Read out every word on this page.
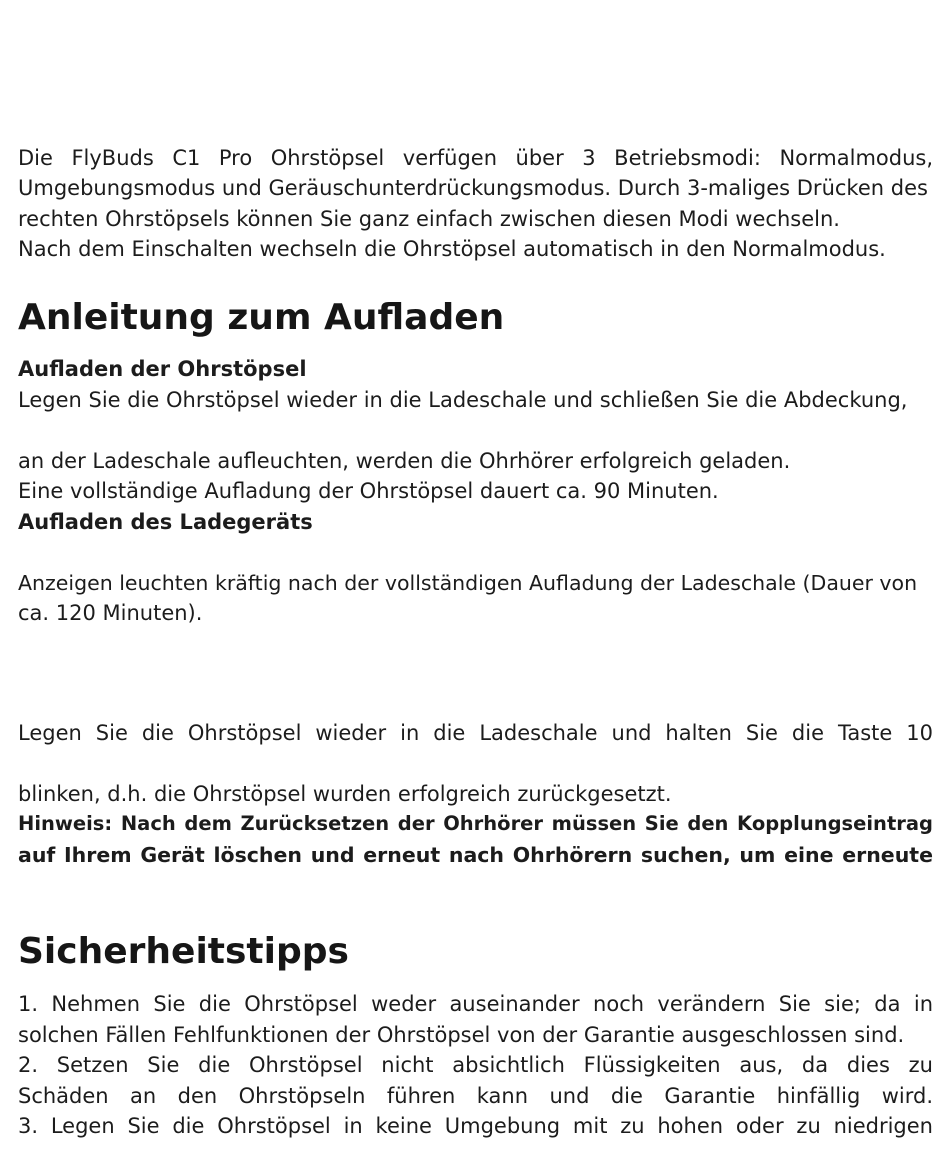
Die FlyBuds C1 Pro Ohrstöpsel verfügen über 3 Betriebsmodi: Normalmodus,
Umgebungsmodus und Geräuschunterdrückungsmodus. Durch 3-maliges Drücken des
rechten Ohrstöpsels können Sie ganz einfach zwischen diesen Modi wechseln.
Nach dem Einschalten wechseln die Ohrstöpsel automatisch in den Normalmodus.
Anleitung zum Aufladen
Aufladen der Ohrstöpsel
Legen Sie die Ohrstöpsel wieder in die Ladeschale und schließen Sie die Abdeckung,
an der Ladeschale aufleuchten, werden die Ohrhörer erfolgreich geladen.
Eine vollständige Aufladung der Ohrstöpsel dauert ca. 90 Minuten.
Aufladen des Ladegeräts
Anzeigen leuchten kräftig nach der vollständigen Aufladung der Ladeschale (Dauer von
ca. 120 Minuten).
Legen Sie die Ohrstöpsel wieder in die Ladeschale und halten Sie die Taste 10
blinken, d.h. die Ohrstöpsel wurden erfolgreich zurückgesetzt.
Hinweis: Nach dem Zurücksetzen der Ohrhörer müssen Sie den Kopplungseintrag
auf Ihrem Gerät löschen und erneut nach Ohrhörern suchen, um eine erneute
Sicherheitstipps
1. Nehmen Sie die Ohrstöpsel weder auseinander noch verändern Sie sie; da in
solchen Fällen Fehlfunktionen der Ohrstöpsel von der Garantie ausgeschlossen sind.
2. Setzen Sie die Ohrstöpsel nicht absichtlich Flüssigkeiten aus, da dies zu
Schäden an den Ohrstöpseln führen kann und die Garantie hinfällig wird.
3. Legen Sie die Ohrstöpsel in keine Umgebung mit zu hohen oder zu niedrigen
